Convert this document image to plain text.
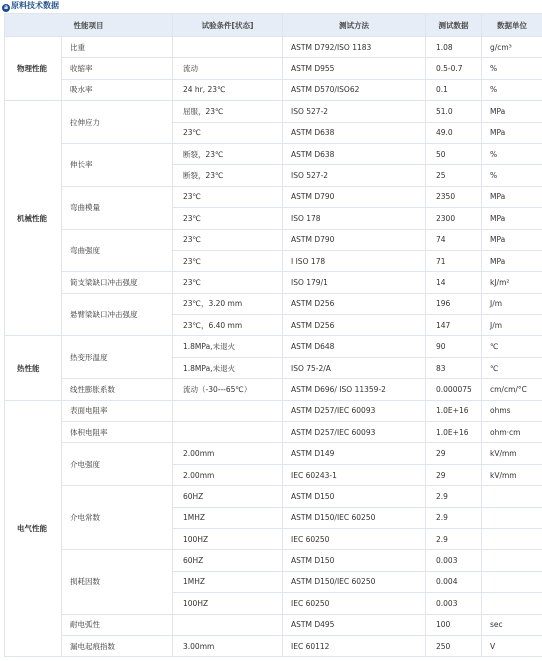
a 原料技术数据
性能项目		试验条件[状态]	测试方法	测试数据	数据单位
物理性能	比重		ASTM D792/ISO 1183	1.08	g/cm³
	收缩率	流动	ASTM D955	0.5-0.7	%
	吸水率	24 hr, 23℃	ASTM D570/ISO62	0.1	%
机械性能	拉伸应力	屈服，23℃	ISO 527-2	51.0	MPa
		23℃	ASTM D638	49.0	MPa
	伸长率	断裂，23℃	ASTM D638	50	%
		断裂，23℃	ISO 527-2	25	%
	弯曲模量	23℃	ASTM D790	2350	MPa
		23℃	ISO 178	2300	MPa
	弯曲强度	23℃	ASTM D790	74	MPa
		23℃	I ISO 178	71	MPa
	简支梁缺口冲击强度	23℃	ISO 179/1	14	kJ/m²
	悬臂梁缺口冲击强度	23℃，3.20 mm	ASTM D256	196	J/m
		23℃，6.40 mm	ASTM D256	147	J/m
热性能	热变形温度	1.8MPa,未退火	ASTM D648	90	℃
		1.8MPa,未退火	ISO 75-2/A	83	℃
	线性膨胀系数	流动（-30---65℃）	ASTM D696/ ISO 11359-2	0.000075	cm/cm/°C
电气性能	表面电阻率		ASTM D257/IEC 60093	1.0E+16	ohms
	体积电阻率		ASTM D257/IEC 60093	1.0E+16	ohm·cm
	介电强度	2.00mm	ASTM D149	29	kV/mm
		2.00mm	IEC 60243-1	29	kV/mm
	介电常数	60HZ	ASTM D150	2.9	
		1MHZ	ASTM D150/IEC 60250	2.9	
		100HZ	IEC 60250	2.9	
	损耗因数	60HZ	ASTM D150	0.003	
		1MHZ	ASTM D150/IEC 60250	0.004	
		100HZ	IEC 60250	0.003	
	耐电弧性		ASTM D495	100	sec
	漏电起痕指数	3.00mm	IEC 60112	250	V
